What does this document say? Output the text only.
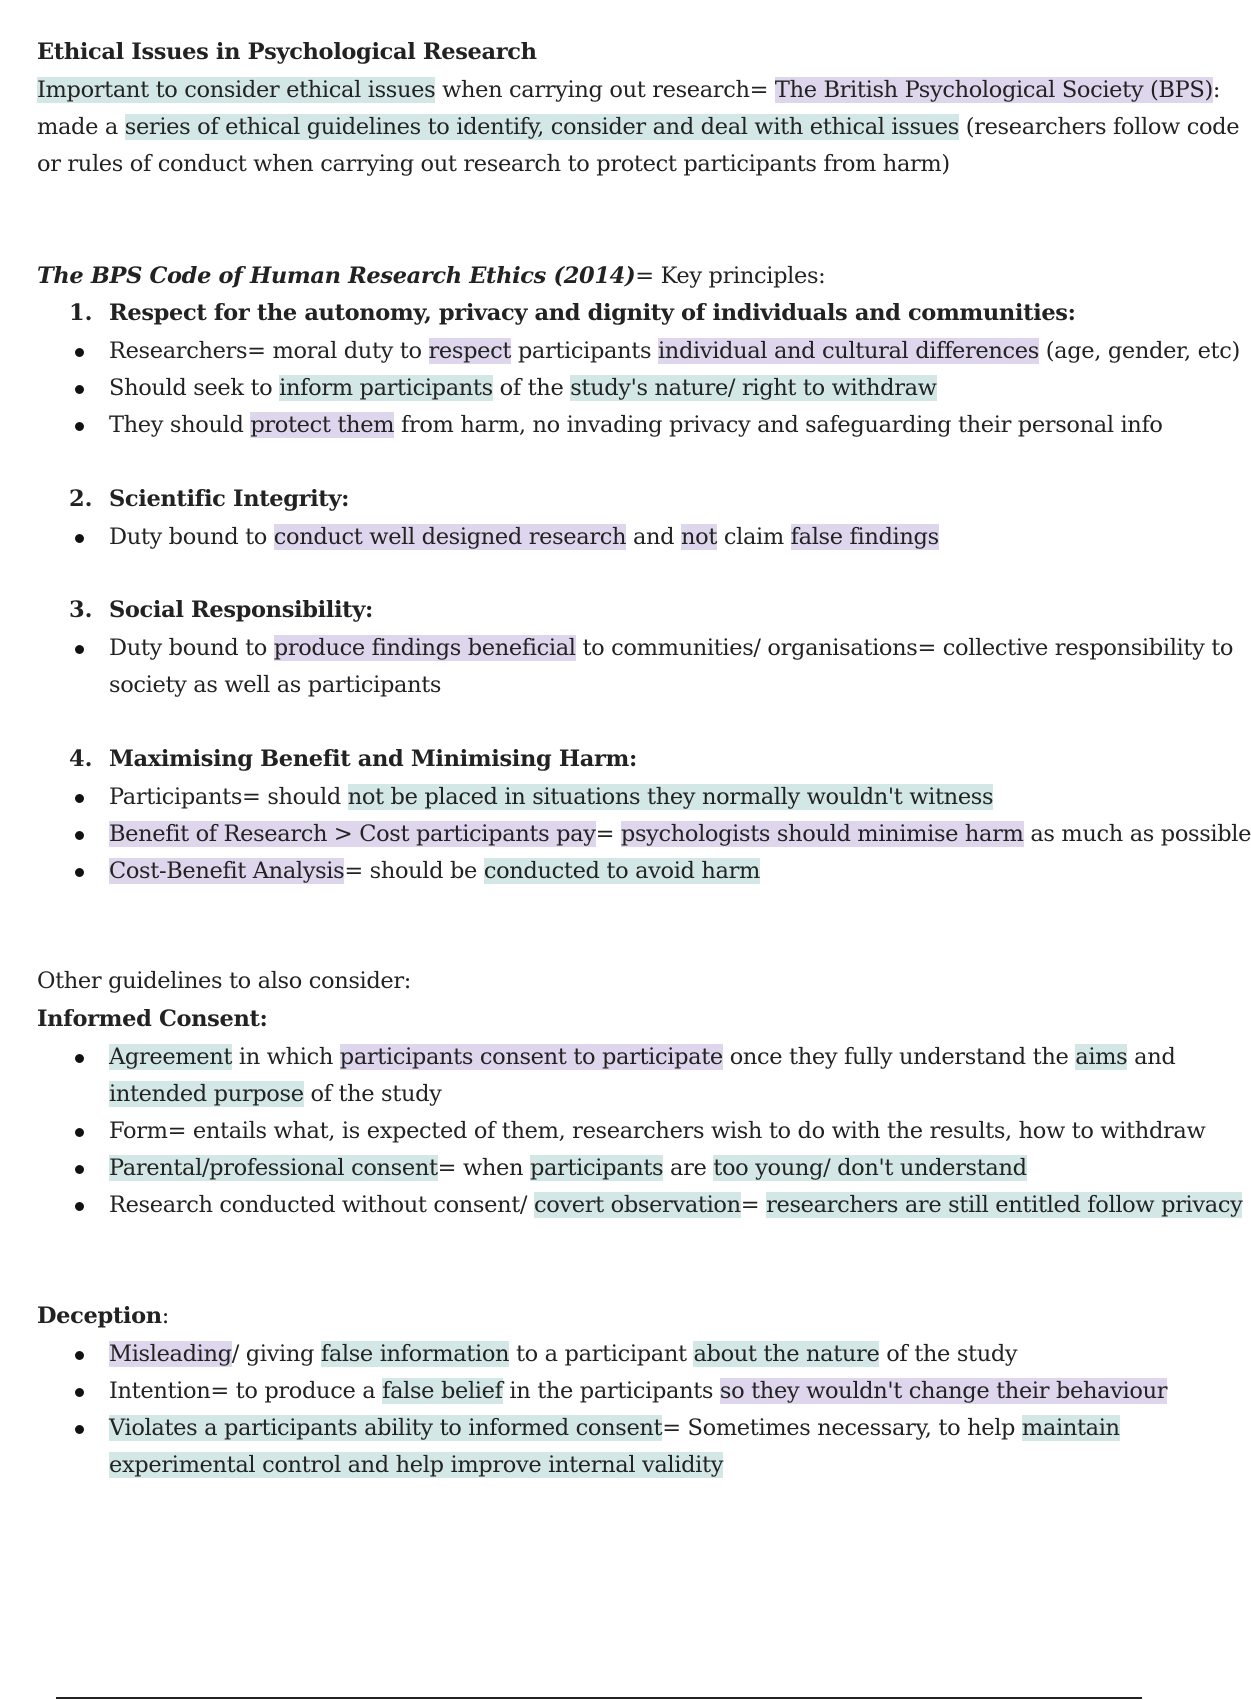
Ethical Issues in Psychological Research
Important to consider ethical issues when carrying out research= The British Psychological Society (BPS):
made a series of ethical guidelines to identify, consider and deal with ethical issues (researchers follow code
or rules of conduct when carrying out research to protect participants from harm)
The BPS Code of Human Research Ethics (2014)= Key principles:
1. Respect for the autonomy, privacy and dignity of individuals and communities:
Researchers= moral duty to respect participants individual and cultural differences (age, gender, etc)
Should seek to inform participants of the study's nature/ right to withdraw
They should protect them from harm, no invading privacy and safeguarding their personal info
2. Scientific Integrity:
Duty bound to conduct well designed research and not claim false findings
3. Social Responsibility:
Duty bound to produce findings beneficial to communities/ organisations= collective responsibility to
society as well as participants
4. Maximising Benefit and Minimising Harm:
Participants= should not be placed in situations they normally wouldn't witness
Benefit of Research > Cost participants pay= psychologists should minimise harm as much as possible
Cost-Benefit Analysis= should be conducted to avoid harm
Other guidelines to also consider:
Informed Consent:
Agreement in which participants consent to participate once they fully understand the aims and
intended purpose of the study
Form= entails what, is expected of them, researchers wish to do with the results, how to withdraw
Parental/professional consent= when participants are too young/ don't understand
Research conducted without consent/ covert observation= researchers are still entitled follow privacy
Deception:
Misleading/ giving false information to a participant about the nature of the study
Intention= to produce a false belief in the participants so they wouldn't change their behaviour
Violates a participants ability to informed consent= Sometimes necessary, to help maintain
experimental control and help improve internal validity
